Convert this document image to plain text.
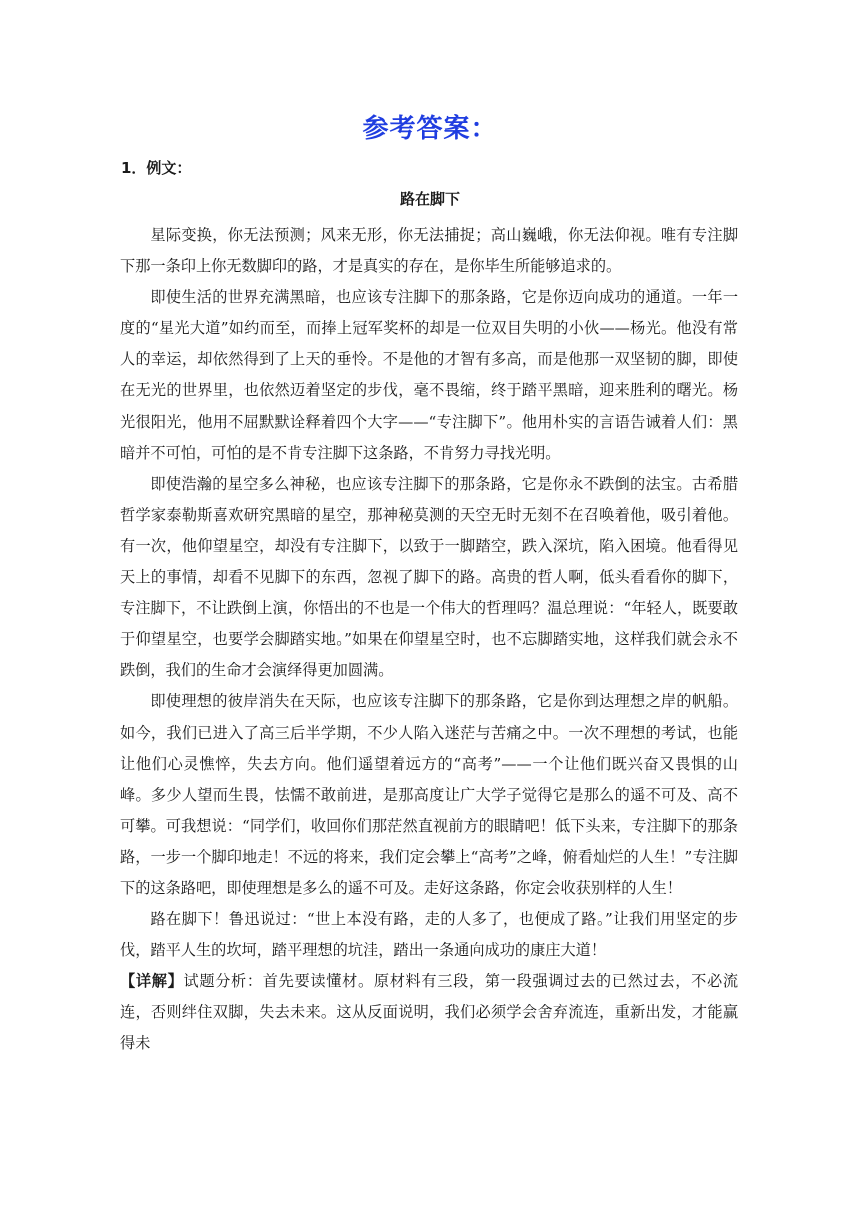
参考答案：
1．例文：
路在脚下

星际变换，你无法预测；风来无形，你无法捕捉；高山巍峨，你无法仰视。唯有专注脚下那一条印上你无数脚印的路，才是真实的存在，是你毕生所能够追求的。

即使生活的世界充满黑暗，也应该专注脚下的那条路，它是你迈向成功的通道。一年一度的“星光大道”如约而至，而捧上冠军奖杯的却是一位双目失明的小伙——杨光。他没有常人的幸运，却依然得到了上天的垂怜。不是他的才智有多高，而是他那一双坚韧的脚，即使在无光的世界里，也依然迈着坚定的步伐，毫不畏缩，终于踏平黑暗，迎来胜利的曙光。杨光很阳光，他用不屈默默诠释着四个大字——“专注脚下”。他用朴实的言语告诫着人们：黑暗并不可怕，可怕的是不肯专注脚下这条路，不肯努力寻找光明。

即使浩瀚的星空多么神秘，也应该专注脚下的那条路，它是你永不跌倒的法宝。古希腊哲学家泰勒斯喜欢研究黑暗的星空，那神秘莫测的天空无时无刻不在召唤着他，吸引着他。有一次，他仰望星空，却没有专注脚下，以致于一脚踏空，跌入深坑，陷入困境。他看得见天上的事情，却看不见脚下的东西，忽视了脚下的路。高贵的哲人啊，低头看看你的脚下，专注脚下，不让跌倒上演，你悟出的不也是一个伟大的哲理吗？温总理说：“年轻人，既要敢于仰望星空，也要学会脚踏实地。”如果在仰望星空时，也不忘脚踏实地，这样我们就会永不跌倒，我们的生命才会演绎得更加圆满。

即使理想的彼岸消失在天际，也应该专注脚下的那条路，它是你到达理想之岸的帆船。如今，我们已进入了高三后半学期，不少人陷入迷茫与苦痛之中。一次不理想的考试，也能让他们心灵憔悴，失去方向。他们遥望着远方的“高考”——一个让他们既兴奋又畏惧的山峰。多少人望而生畏，怯懦不敢前进，是那高度让广大学子觉得它是那么的遥不可及、高不可攀。可我想说：“同学们，收回你们那茫然直视前方的眼睛吧！低下头来，专注脚下的那条路，一步一个脚印地走！不远的将来，我们定会攀上“高考”之峰，俯看灿烂的人生！”专注脚下的这条路吧，即使理想是多么的遥不可及。走好这条路，你定会收获别样的人生！

路在脚下！鲁迅说过：“世上本没有路，走的人多了，也便成了路。”让我们用坚定的步伐，踏平人生的坎坷，踏平理想的坑洼，踏出一条通向成功的康庄大道！

【详解】试题分析：首先要读懂材。原材料有三段，第一段强调过去的已然过去，不必流连，否则绊住双脚，失去未来。这从反面说明，我们必须学会舍弃流连，重新出发，才能赢得未
